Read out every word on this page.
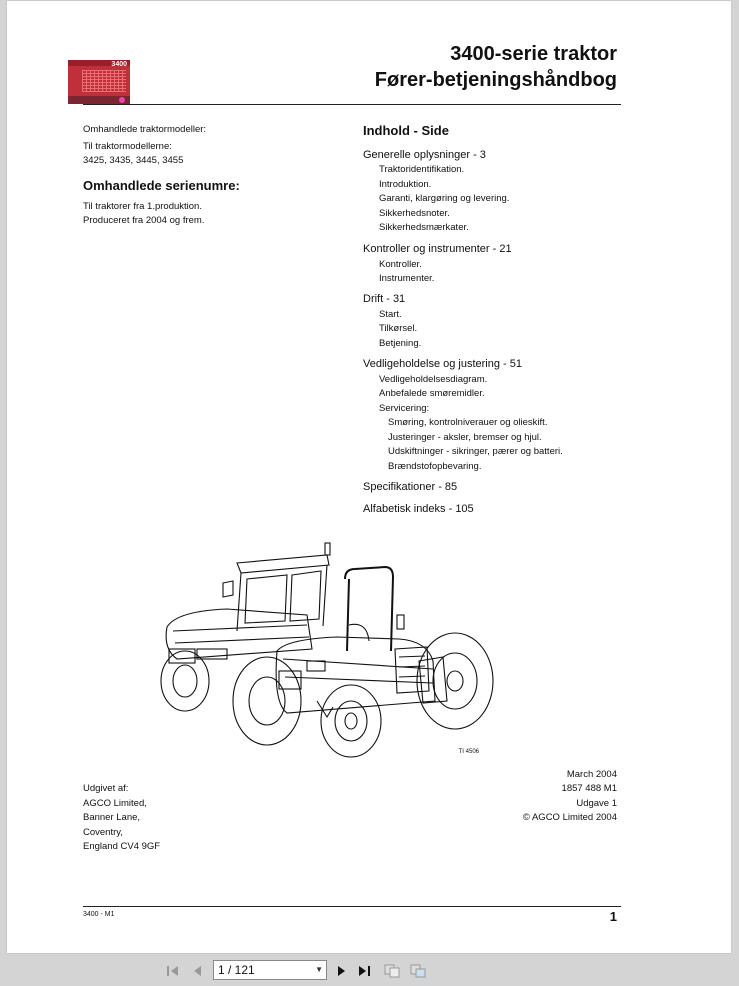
3400	3400-serie traktor
Fører-betjeningshåndbog
Omhandlede traktormodeller:
Til traktormodellerne:
3425, 3435, 3445, 3455
Omhandlede serienumre:
Til traktorer fra 1.produktion.
Produceret fra 2004 og frem.
Indhold - Side
Generelle oplysninger - 3
Traktoridentifikation.
Introduktion.
Garanti, klargøring og levering.
Sikkerhedsnoter.
Sikkerhedsmærkater.
Kontroller og instrumenter - 21
Kontroller.
Instrumenter.
Drift - 31
Start.
Tilkørsel.
Betjening.
Vedligeholdelse og justering - 51
Vedligeholdelsesdiagram.
Anbefalede smøremidler.
Servicering:
Smøring, kontrolniverauer og olieskift.
Justeringer - aksler, bremser og hjul.
Udskiftninger - sikringer, pærer og batteri.
Brændstofopbevaring.
Specifikationer - 85
Alfabetisk indeks - 105
TI 4506
Udgivet af:
AGCO Limited,
Banner Lane,
Coventry,
England CV4 9GF
March 2004
1857 488 M1
Udgave 1
© AGCO Limited 2004
3400 - M1	1
1 / 121	▼
